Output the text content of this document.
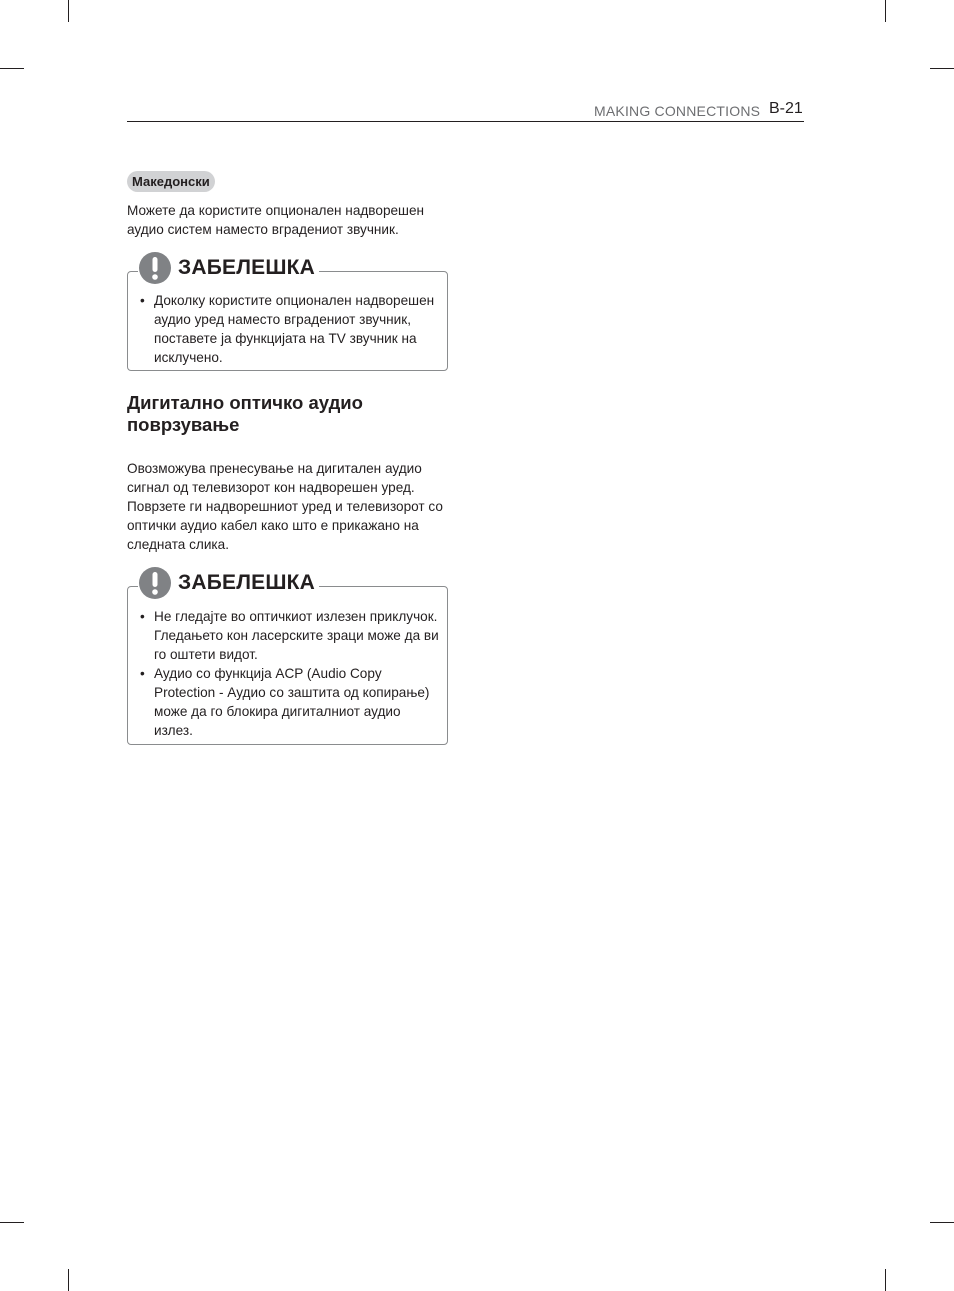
MAKING CONNECTIONS B-21
Македонски
Можете да користите опционален надворешен аудио систем наместо вградениот звучник.
ЗАБЕЛЕШКА
• Доколку користите опционален надворешен аудио уред наместо вградениот звучник, поставете ја функцијата на TV звучник на исклучено.
Дигитално оптичко аудио поврзување
Овозможува пренесување на дигитален аудио сигнал од телевизорот кон надворешен уред. Поврзете ги надворешниот уред и телевизорот со оптички аудио кабел како што е прикажано на следната слика.
ЗАБЕЛЕШКА
• Не гледајте во оптичкиот излезен приклучок. Гледањето кон ласерските зраци може да ви го оштети видот.
• Аудио со функција ACP (Audio Copy Protection - Аудио со заштита од копирање) може да го блокира дигиталниот аудио излез.
